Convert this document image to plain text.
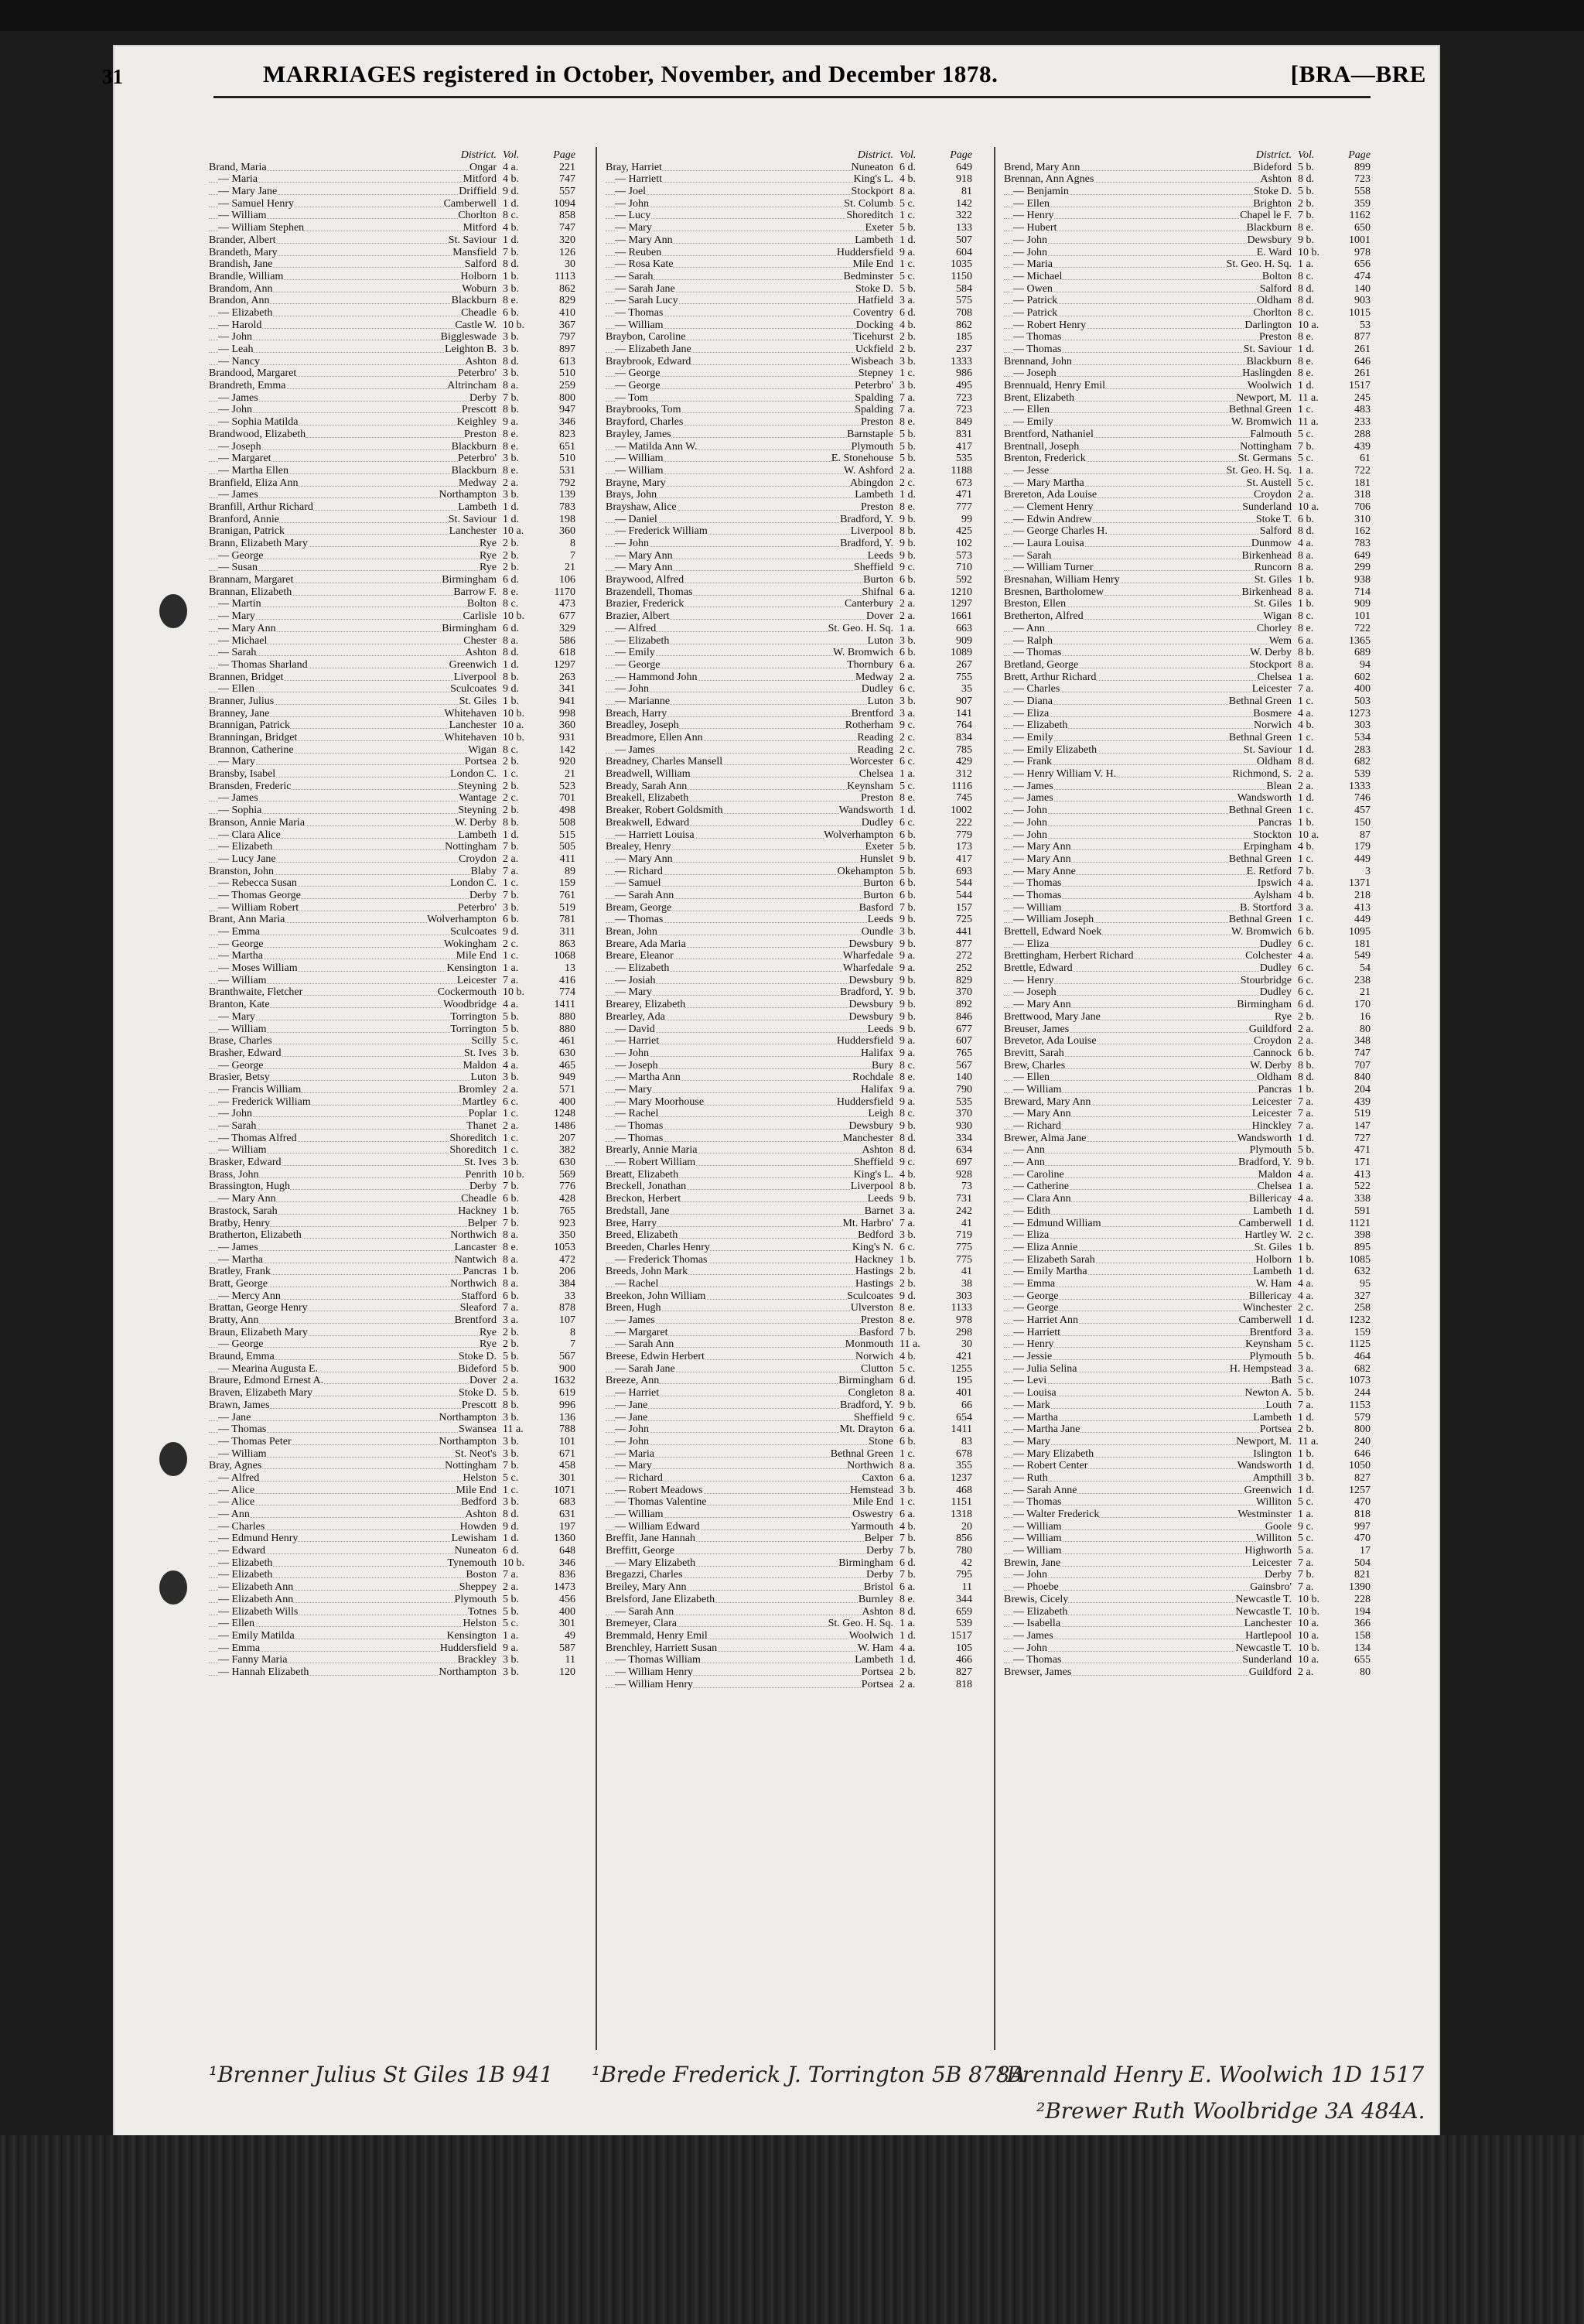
31	MARRIAGES registered in October, November, and December 1878.	[BRA—BRE
District. Vol.	Page
Brand, Maria	Ongar 4 a.	221
— Maria	Mitford 4 b.	747
— Mary Jane	Driffield 9 d.	557
— Samuel Henry	Camberwell 1 d.	1094
— William	Chorlton 8 c.	858
— William Stephen	Mitford 4 b.	747
Brander, Albert	St. Saviour 1 d.	320
Brandeth, Mary	Mansfield 7 b.	126
Brandish, Jane	Salford 8 d.	30
Brandle, William	Holborn 1 b.	1113
Brandom, Ann	Woburn 3 b.	862
Brandon, Ann	Blackburn 8 e.	829
— Elizabeth	Cheadle 6 b.	410
— Harold	Castle W. 10 b.	367
— John	Biggleswade 3 b.	797
— Leah	Leighton B. 3 b.	897
— Nancy	Ashton 8 d.	613
Brandood, Margaret	Peterbro' 3 b.	510
Brandreth, Emma	Altrincham 8 a.	259
— James	Derby 7 b.	800
— John	Prescott 8 b.	947
— Sophia Matilda	Keighley 9 a.	346
Brandwood, Elizabeth	Preston 8 e.	823
— Joseph	Blackburn 8 e.	651
— Margaret	Peterbro' 3 b.	510
— Martha Ellen	Blackburn 8 e.	531
Branfield, Eliza Ann	Medway 2 a.	792
— James	Northampton 3 b.	139
Branfill, Arthur Richard	Lambeth 1 d.	783
Branford, Annie	St. Saviour 1 d.	198
Branigan, Patrick	Lanchester 10 a.	360
Brann, Elizabeth Mary	Rye 2 b.	8
— George	Rye 2 b.	7
— Susan	Rye 2 b.	21
Brannam, Margaret	Birmingham 6 d.	106
Brannan, Elizabeth	Barrow F. 8 e.	1170
— Martin	Bolton 8 c.	473
— Mary	Carlisle 10 b.	677
— Mary Ann	Birmingham 6 d.	329
— Michael	Chester 8 a.	586
— Sarah	Ashton 8 d.	618
— Thomas Sharland	Greenwich 1 d.	1297
Brannen, Bridget	Liverpool 8 b.	263
— Ellen	Sculcoates 9 d.	341
Branner, Julius	St. Giles 1 b.	941
Branney, Jane	Whitehaven 10 b.	998
Brannigan, Patrick	Lanchester 10 a.	360
Branningan, Bridget	Whitehaven 10 b.	931
Brannon, Catherine	Wigan 8 c.	142
— Mary	Portsea 2 b.	920
Bransby, Isabel	London C. 1 c.	21
Bransden, Frederic	Steyning 2 b.	523
— James	Wantage 2 c.	701
— Sophia	Steyning 2 b.	498
Branson, Annie Maria	W. Derby 8 b.	508
— Clara Alice	Lambeth 1 d.	515
— Elizabeth	Nottingham 7 b.	505
— Lucy Jane	Croydon 2 a.	411
Branston, John	Blaby 7 a.	89
— Rebecca Susan	London C. 1 c.	159
— Thomas George	Derby 7 b.	761
— William Robert	Peterbro' 3 b.	519
Brant, Ann Maria	Wolverhampton 6 b.	781
— Emma	Sculcoates 9 d.	311
— George	Wokingham 2 c.	863
— Martha	Mile End 1 c.	1068
— Moses William	Kensington 1 a.	13
— William	Leicester 7 a.	416
Branthwaite, Fletcher	Cockermouth 10 b.	774
Branton, Kate	Woodbridge 4 a.	1411
— Mary	Torrington 5 b.	880
— William	Torrington 5 b.	880
Brase, Charles	Scilly 5 c.	461
Brasher, Edward	St. Ives 3 b.	630
— George	Maldon 4 a.	465
Brasier, Betsy	Luton 3 b.	949
— Francis William	Bromley 2 a.	571
— Frederick William	Martley 6 c.	400
— John	Poplar 1 c.	1248
— Sarah	Thanet 2 a.	1486
— Thomas Alfred	Shoreditch 1 c.	207
— William	Shoreditch 1 c.	382
Brasker, Edward	St. Ives 3 b.	630
Brass, John	Penrith 10 b.	569
Brassington, Hugh	Derby 7 b.	776
— Mary Ann	Cheadle 6 b.	428
Brastock, Sarah	Hackney 1 b.	765
Bratby, Henry	Belper 7 b.	923
Bratherton, Elizabeth	Northwich 8 a.	350
— James	Lancaster 8 e.	1053
— Martha	Nantwich 8 a.	472
Bratley, Frank	Pancras 1 b.	206
Bratt, George	Northwich 8 a.	384
— Mercy Ann	Stafford 6 b.	33
Brattan, George Henry	Sleaford 7 a.	878
Bratty, Ann	Brentford 3 a.	107
Braun, Elizabeth Mary	Rye 2 b.	8
— George	Rye 2 b.	7
Braund, Emma	Stoke D. 5 b.	567
— Mearina Augusta E.	Bideford 5 b.	900
Braure, Edmond Ernest A.	Dover 2 a.	1632
Braven, Elizabeth Mary	Stoke D. 5 b.	619
Brawn, James	Prescott 8 b.	996
— Jane	Northampton 3 b.	136
— Thomas	Swansea 11 a.	788
— Thomas Peter	Northampton 3 b.	101
— William	St. Neot's 3 b.	671
Bray, Agnes	Nottingham 7 b.	458
— Alfred	Helston 5 c.	301
— Alice	Mile End 1 c.	1071
— Alice	Bedford 3 b.	683
— Ann	Ashton 8 d.	631
— Charles	Howden 9 d.	197
— Edmund Henry	Lewisham 1 d.	1360
— Edward	Nuneaton 6 d.	648
— Elizabeth	Tynemouth 10 b.	346
— Elizabeth	Boston 7 a.	836
— Elizabeth Ann	Sheppey 2 a.	1473
— Elizabeth Ann	Plymouth 5 b.	456
— Elizabeth Wills	Totnes 5 b.	400
— Ellen	Helston 5 c.	301
— Emily Matilda	Kensington 1 a.	49
— Emma	Huddersfield 9 a.	587
— Fanny Maria	Brackley 3 b.	11
— Hannah Elizabeth	Northampton 3 b.	120
District. Vol.	Page
Bray, Harriet	Nuneaton 6 d.	649
— Harriett	King's L. 4 b.	918
— Joel	Stockport 8 a.	81
— John	St. Columb 5 c.	142
— Lucy	Shoreditch 1 c.	322
— Mary	Exeter 5 b.	133
— Mary Ann	Lambeth 1 d.	507
— Reuben	Huddersfield 9 a.	604
— Rosa Kate	Mile End 1 c.	1035
— Sarah	Bedminster 5 c.	1150
— Sarah Jane	Stoke D. 5 b.	584
— Sarah Lucy	Hatfield 3 a.	575
— Thomas	Coventry 6 d.	708
— William	Docking 4 b.	862
Braybon, Caroline	Ticehurst 2 b.	185
— Elizabeth Jane	Uckfield 2 b.	237
Braybrook, Edward	Wisbeach 3 b.	1333
— George	Stepney 1 c.	986
— George	Peterbro' 3 b.	495
— Tom	Spalding 7 a.	723
Braybrooks, Tom	Spalding 7 a.	723
Brayford, Charles	Preston 8 e.	849
Brayley, James	Barnstaple 5 b.	831
— Matilda Ann W.	Plymouth 5 b.	417
— William	E. Stonehouse 5 b.	535
— William	W. Ashford 2 a.	1188
Brayne, Mary	Abingdon 2 c.	673
Brays, John	Lambeth 1 d.	471
Brayshaw, Alice	Preston 8 e.	777
— Daniel	Bradford, Y. 9 b.	99
— Frederick William	Liverpool 8 b.	425
— John	Bradford, Y. 9 b.	102
— Mary Ann	Leeds 9 b.	573
— Mary Ann	Sheffield 9 c.	710
Braywood, Alfred	Burton 6 b.	592
Brazendell, Thomas	Shifnal 6 a.	1210
Brazier, Frederick	Canterbury 2 a.	1297
Brazier, Albert	Dover 2 a.	1661
— Alfred	St. Geo. H. Sq. 1 a.	663
— Elizabeth	Luton 3 b.	909
— Emily	W. Bromwich 6 b.	1089
— George	Thornbury 6 a.	267
— Hammond John	Medway 2 a.	755
— John	Dudley 6 c.	35
— Marianne	Luton 3 b.	907
Breach, Harry	Brentford 3 a.	141
Breadley, Joseph	Rotherham 9 c.	764
Breadmore, Ellen Ann	Reading 2 c.	834
— James	Reading 2 c.	785
Breadney, Charles Mansell	Worcester 6 c.	429
Breadwell, William	Chelsea 1 a.	312
Bready, Sarah Ann	Keynsham 5 c.	1116
Breakell, Elizabeth	Preston 8 e.	745
Breaker, Robert Goldsmith	Wandsworth 1 d.	1002
Breakwell, Edward	Dudley 6 c.	222
— Harriett Louisa	Wolverhampton 6 b.	779
Brealey, Henry	Exeter 5 b.	173
— Mary Ann	Hunslet 9 b.	417
— Richard	Okehampton 5 b.	693
— Samuel	Burton 6 b.	544
— Sarah Ann	Burton 6 b.	544
Bream, George	Basford 7 b.	157
— Thomas	Leeds 9 b.	725
Brean, John	Oundle 3 b.	441
Breare, Ada Maria	Dewsbury 9 b.	877
Breare, Eleanor	Wharfedale 9 a.	272
— Elizabeth	Wharfedale 9 a.	252
— Josiah	Dewsbury 9 b.	829
— Mary	Bradford, Y. 9 b.	370
Brearey, Elizabeth	Dewsbury 9 b.	892
Brearley, Ada	Dewsbury 9 b.	846
— David	Leeds 9 b.	677
— Harriet	Huddersfield 9 a.	607
— John	Halifax 9 a.	765
— Joseph	Bury 8 c.	567
— Martha Ann	Rochdale 8 e.	140
— Mary	Halifax 9 a.	790
— Mary Moorhouse	Huddersfield 9 a.	535
— Rachel	Leigh 8 c.	370
— Thomas	Dewsbury 9 b.	930
— Thomas	Manchester 8 d.	334
Brearly, Annie Maria	Ashton 8 d.	634
— Robert William	Sheffield 9 c.	697
Breatt, Elizabeth	King's L. 4 b.	928
Breckell, Jonathan	Liverpool 8 b.	73
Breckon, Herbert	Leeds 9 b.	731
Bredstall, Jane	Barnet 3 a.	242
Bree, Harry	Mt. Harbro' 7 a.	41
Breed, Elizabeth	Bedford 3 b.	719
Breeden, Charles Henry	King's N. 6 c.	775
— Frederick Thomas	Hackney 1 b.	775
Breeds, John Mark	Hastings 2 b.	41
— Rachel	Hastings 2 b.	38
Breekon, John William	Sculcoates 9 d.	303
Breen, Hugh	Ulverston 8 e.	1133
— James	Preston 8 e.	978
— Margaret	Basford 7 b.	298
— Sarah Ann	Monmouth 11 a.	30
Breese, Edwin Herbert	Norwich 4 b.	421
— Sarah Jane	Clutton 5 c.	1255
Breeze, Ann	Birmingham 6 d.	195
— Harriet	Congleton 8 a.	401
— Jane	Bradford, Y. 9 b.	66
— Jane	Sheffield 9 c.	654
— John	Mt. Drayton 6 a.	1411
— John	Stone 6 b.	83
— Maria	Bethnal Green 1 c.	678
— Mary	Northwich 8 a.	355
— Richard	Caxton 6 a.	1237
— Robert Meadows	Hemstead 3 b.	468
— Thomas Valentine	Mile End 1 c.	1151
— William	Oswestry 6 a.	1318
— William Edward	Yarmouth 4 b.	20
Breffit, Jane Hannah	Belper 7 b.	856
Breffitt, George	Derby 7 b.	780
— Mary Elizabeth	Birmingham 6 d.	42
Bregazzi, Charles	Derby 7 b.	795
Breiley, Mary Ann	Bristol 6 a.	11
Brelsford, Jane Elizabeth	Burnley 8 e.	344
— Sarah Ann	Ashton 8 d.	659
Bremeyer, Clara	St. Geo. H. Sq. 1 a.	539
Bremmald, Henry Emil	Woolwich 1 d.	1517
Brenchley, Harriett Susan	W. Ham 4 a.	105
— Thomas William	Lambeth 1 d.	466
— William Henry	Portsea 2 b.	827
— William Henry	Portsea 2 a.	818
District. Vol.	Page
Brend, Mary Ann	Bideford 5 b.	899
Brennan, Ann Agnes	Ashton 8 d.	723
— Benjamin	Stoke D. 5 b.	558
— Ellen	Brighton 2 b.	359
— Henry	Chapel le F. 7 b.	1162
— Hubert	Blackburn 8 e.	650
— John	Dewsbury 9 b.	1001
— John	E. Ward 10 b.	978
— Maria	St. Geo. H. Sq. 1 a.	656
— Michael	Bolton 8 c.	474
— Owen	Salford 8 d.	140
— Patrick	Oldham 8 d.	903
— Patrick	Chorlton 8 c.	1015
— Robert Henry	Darlington 10 a.	53
— Thomas	Preston 8 e.	877
— Thomas	St. Saviour 1 d.	261
Brennand, John	Blackburn 8 e.	646
— Joseph	Haslingden 8 e.	261
Brennuald, Henry Emil	Woolwich 1 d.	1517
Brent, Elizabeth	Newport, M. 11 a.	245
— Ellen	Bethnal Green 1 c.	483
— Emily	W. Bromwich 11 a.	233
Brentford, Nathaniel	Falmouth 5 c.	288
Brentnall, Joseph	Nottingham 7 b.	439
Brenton, Frederick	St. Germans 5 c.	61
— Jesse	St. Geo. H. Sq. 1 a.	722
— Mary Martha	St. Austell 5 c.	181
Brereton, Ada Louise	Croydon 2 a.	318
— Clement Henry	Sunderland 10 a.	706
— Edwin Andrew	Stoke T. 6 b.	310
— George Charles H.	Salford 8 d.	162
— Laura Louisa	Dunmow 4 a.	783
— Sarah	Birkenhead 8 a.	649
— William Turner	Runcorn 8 a.	299
Bresnahan, William Henry	St. Giles 1 b.	938
Bresnen, Bartholomew	Birkenhead 8 a.	714
Breston, Ellen	St. Giles 1 b.	909
Bretherton, Alfred	Wigan 8 c.	101
— Ann	Chorley 8 e.	722
— Ralph	Wem 6 a.	1365
— Thomas	W. Derby 8 b.	689
Bretland, George	Stockport 8 a.	94
Brett, Arthur Richard	Chelsea 1 a.	602
— Charles	Leicester 7 a.	400
— Diana	Bethnal Green 1 c.	503
— Eliza	Bosmere 4 a.	1273
— Elizabeth	Norwich 4 b.	303
— Emily	Bethnal Green 1 c.	534
— Emily Elizabeth	St. Saviour 1 d.	283
— Frank	Oldham 8 d.	682
— Henry William V. H.	Richmond, S. 2 a.	539
— James	Blean 2 a.	1333
— James	Wandsworth 1 d.	746
— John	Bethnal Green 1 c.	457
— John	Pancras 1 b.	150
— John	Stockton 10 a.	87
— Mary Ann	Erpingham 4 b.	179
— Mary Ann	Bethnal Green 1 c.	449
— Mary Anne	E. Retford 7 b.	3
— Thomas	Ipswich 4 a.	1371
— Thomas	Aylsham 4 b.	218
— William	B. Stortford 3 a.	413
— William Joseph	Bethnal Green 1 c.	449
Brettell, Edward Noek	W. Bromwich 6 b.	1095
— Eliza	Dudley 6 c.	181
Brettingham, Herbert Richard	Colchester 4 a.	549
Brettle, Edward	Dudley 6 c.	54
— Henry	Stourbridge 6 c.	238
— Joseph	Dudley 6 c.	21
— Mary Ann	Birmingham 6 d.	170
Brettwood, Mary Jane	Rye 2 b.	16
Breuser, James	Guildford 2 a.	80
Brevetor, Ada Louise	Croydon 2 a.	348
Brevitt, Sarah	Cannock 6 b.	747
Brew, Charles	W. Derby 8 b.	707
— Ellen	Oldham 8 d.	840
— William	Pancras 1 b.	204
Breward, Mary Ann	Leicester 7 a.	439
— Mary Ann	Leicester 7 a.	519
— Richard	Hinckley 7 a.	147
Brewer, Alma Jane	Wandsworth 1 d.	727
— Ann	Plymouth 5 b.	471
— Ann	Bradford, Y. 9 b.	171
— Caroline	Maldon 4 a.	413
— Catherine	Chelsea 1 a.	522
— Clara Ann	Billericay 4 a.	338
— Edith	Lambeth 1 d.	591
— Edmund William	Camberwell 1 d.	1121
— Eliza	Hartley W. 2 c.	398
— Eliza Annie	St. Giles 1 b.	895
— Elizabeth Sarah	Holborn 1 b.	1085
— Emily Martha	Lambeth 1 d.	632
— Emma	W. Ham 4 a.	95
— George	Billericay 4 a.	327
— George	Winchester 2 c.	258
— Harriet Ann	Camberwell 1 d.	1232
— Harriett	Brentford 3 a.	159
— Henry	Keynsham 5 c.	1125
— Jessie	Plymouth 5 b.	464
— Julia Selina	H. Hempstead 3 a.	682
— Levi	Bath 5 c.	1073
— Louisa	Newton A. 5 b.	244
— Mark	Louth 7 a.	1153
— Martha	Lambeth 1 d.	579
— Martha Jane	Portsea 2 b.	800
— Mary	Newport, M. 11 a.	240
— Mary Elizabeth	Islington 1 b.	646
— Robert Center	Wandsworth 1 d.	1050
— Ruth	Ampthill 3 b.	827
— Sarah Anne	Greenwich 1 d.	1257
— Thomas	Williton 5 c.	470
— Walter Frederick	Westminster 1 a.	818
— William	Goole 9 c.	997
— William	Williton 5 c.	470
— William	Highworth 5 a.	17
Brewin, Jane	Leicester 7 a.	504
— John	Derby 7 b.	821
— Phoebe	Gainsbro' 7 a.	1390
Brewis, Cicely	Newcastle T. 10 b.	228
— Elizabeth	Newcastle T. 10 b.	194
— Isabella	Lanchester 10 a.	366
— James	Hartlepool 10 a.	158
— John	Newcastle T. 10 b.	134
— Thomas	Sunderland 10 a.	655
Brewser, James	Guildford 2 a.	80
¹Brenner Julius St Giles 1B 941 ¹Brede Frederick J. Torrington 5B 878A
¹Brennald Henry E. Woolwich 1D 1517
²Brewer Ruth Woolbridge 3A 484A.
